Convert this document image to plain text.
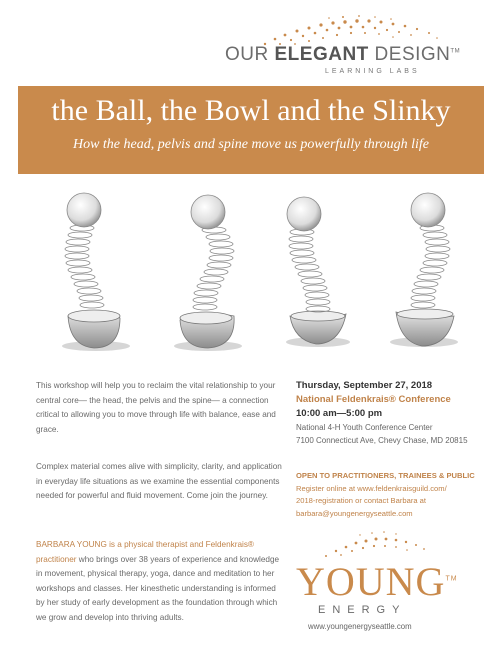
OUR ELEGANT DESIGN™
LEARNING LABS
the Ball, the Bowl and the Slinky
How the head, pelvis and spine move us powerfully through life
This workshop will help you to reclaim the vital relationship to your central core— the head, the pelvis and the spine— a connection critical to allowing you to move through life with balance, ease and grace.
Complex material comes alive with simplicity, clarity, and application in everyday life situations as we examine the essential components needed for powerful and fluid movement. Come join the journey.
BARBARA YOUNG is a physical therapist and Feldenkrais® practitioner who brings over 38 years of experience and knowledge in movement, physical therapy, yoga, dance and meditation to her workshops and classes. Her kinesthetic understanding is informed by her study of early development as the foundation through which we grow and develop into thriving adults.
Thursday, September 27, 2018
National Feldenkrais® Conference
10:00 am—5:00 pm
National 4-H Youth Conference Center
7100 Connecticut Ave, Chevy Chase, MD 20815
OPEN TO PRACTITIONERS, TRAINEES & PUBLIC
Register online at www.feldenkraisguild.com/
2018-registration or contact Barbara at
barbara@youngenergyseattle.com
YOUNG™
ENERGY
www.youngenergyseattle.com
